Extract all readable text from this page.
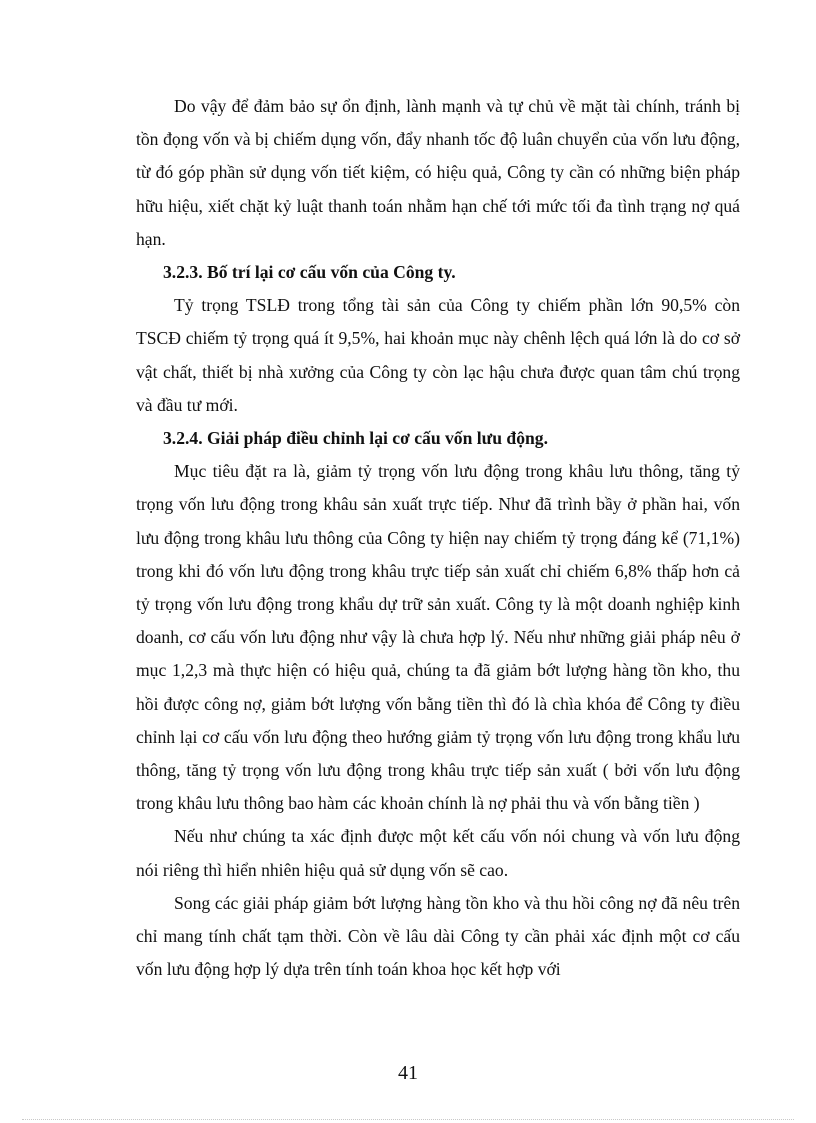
Do vậy để đảm bảo sự ổn định, lành mạnh và tự chủ về mặt tài chính, tránh bị tồn đọng vốn và bị chiếm dụng vốn, đẩy nhanh tốc độ luân chuyển của vốn lưu động, từ đó góp phần sử dụng vốn tiết kiệm, có hiệu quả, Công ty cần có những biện pháp hữu hiệu, xiết chặt kỷ luật thanh toán nhằm hạn chế tới mức tối đa tình trạng nợ quá hạn.

3.2.3. Bố trí lại cơ cấu vốn của Công ty.

Tỷ trọng TSLĐ trong tổng tài sản của Công ty chiếm phần lớn 90,5% còn TSCĐ chiếm tỷ trọng quá ít 9,5%, hai khoản mục này chênh lệch quá lớn là do cơ sở vật chất, thiết bị nhà xưởng của Công ty còn lạc hậu chưa được quan tâm chú trọng và đầu tư mới.

3.2.4. Giải pháp điều chỉnh lại cơ cấu vốn lưu động.

Mục tiêu đặt ra là, giảm tỷ trọng vốn lưu động trong khâu lưu thông, tăng tỷ trọng vốn lưu động trong khâu sản xuất trực tiếp. Như đã trình bầy ở phần hai, vốn lưu động trong khâu lưu thông của Công ty hiện nay chiếm tỷ trọng đáng kể (71,1%) trong khi đó vốn lưu động trong khâu trực tiếp sản xuất chỉ chiếm 6,8% thấp hơn cả tỷ trọng vốn lưu động trong khẩu dự trữ sản xuất. Công ty là một doanh nghiệp kinh doanh, cơ cấu vốn lưu động như vậy là chưa hợp lý. Nếu như những giải pháp nêu ở mục 1,2,3 mà thực hiện có hiệu quả, chúng ta đã giảm bớt lượng hàng tồn kho, thu hồi được công nợ, giảm bớt lượng vốn bằng tiền thì đó là chìa khóa để Công ty điều chỉnh lại cơ cấu vốn lưu động theo hướng giảm tỷ trọng vốn lưu động trong khẩu lưu thông, tăng tỷ trọng vốn lưu động trong khâu trực tiếp sản xuất ( bởi vốn lưu động trong khâu lưu thông bao hàm các khoản chính là nợ phải thu và vốn bằng tiền )

Nếu như chúng ta xác định được một kết cấu vốn nói chung và vốn lưu động nói riêng thì hiển nhiên hiệu quả sử dụng vốn sẽ cao.

Song các giải pháp giảm bớt lượng hàng tồn kho và thu hồi công nợ đã nêu trên chỉ mang tính chất tạm thời. Còn về lâu dài Công ty cần phải xác định một cơ cấu vốn lưu động hợp lý dựa trên tính toán khoa học kết hợp với

41
